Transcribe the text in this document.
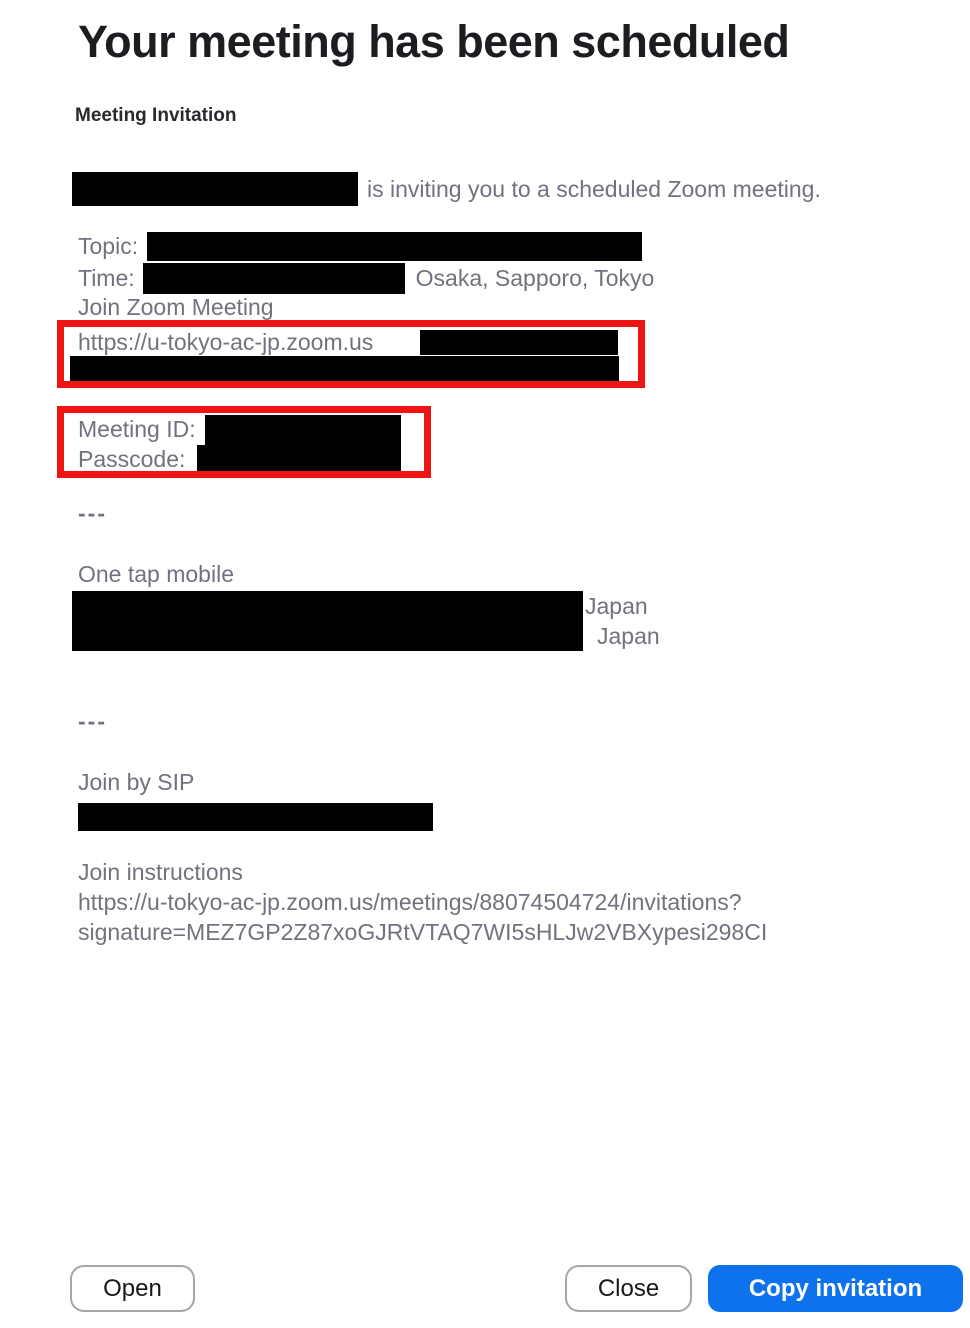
Your meeting has been scheduled
Meeting Invitation
is inviting you to a scheduled Zoom meeting.
Topic:
Time:	Osaka, Sapporo, Tokyo
Join Zoom Meeting
https://u-tokyo-ac-jp.zoom.us
Meeting ID:
Passcode:
---
One tap mobile
Japan
Japan
---
Join by SIP
Join instructions
https://u-tokyo-ac-jp.zoom.us/meetings/88074504724/invitations?
signature=MEZ7GP2Z87xoGJRtVTAQ7WI5sHLJw2VBXypesi298CI
Open	Close	Copy invitation
